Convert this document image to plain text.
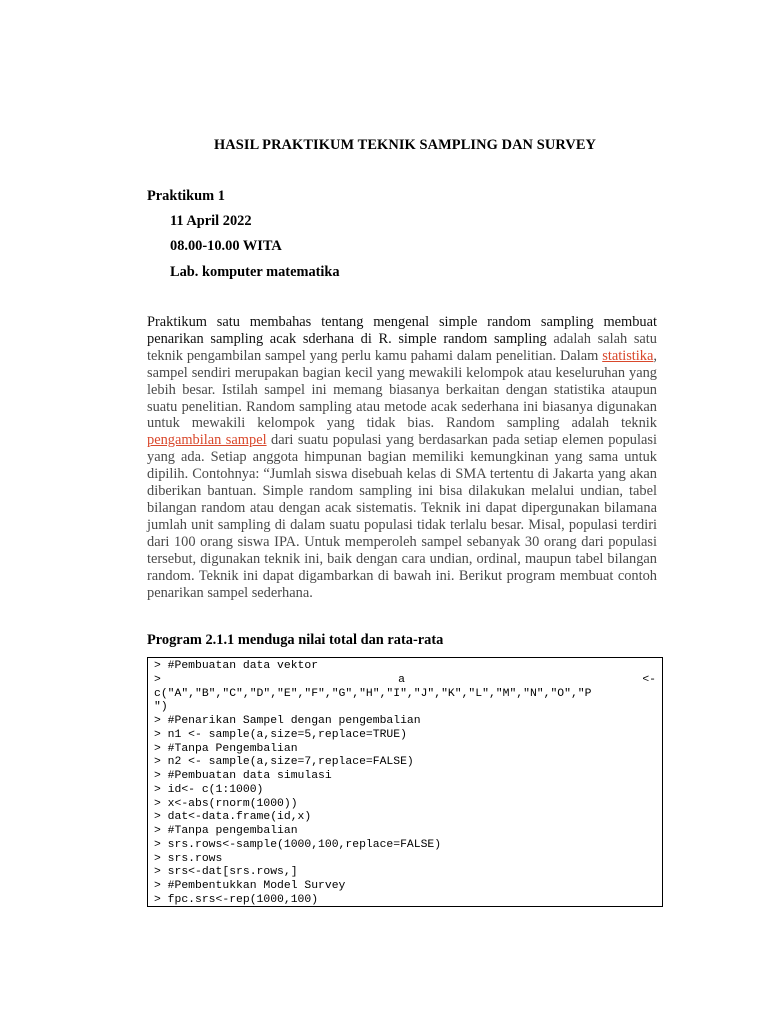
HASIL PRAKTIKUM TEKNIK SAMPLING DAN SURVEY
Praktikum 1
11 April 2022
08.00-10.00 WITA
Lab. komputer matematika
Praktikum satu membahas tentang mengenal simple random sampling membuat penarikan sampling acak sderhana di R. simple random sampling adalah salah satu teknik pengambilan sampel yang perlu kamu pahami dalam penelitian. Dalam statistika, sampel sendiri merupakan bagian kecil yang mewakili kelompok atau keseluruhan yang lebih besar. Istilah sampel ini memang biasanya berkaitan dengan statistika ataupun suatu penelitian. Random sampling atau metode acak sederhana ini biasanya digunakan untuk mewakili kelompok yang tidak bias. Random sampling adalah teknik pengambilan sampel dari suatu populasi yang berdasarkan pada setiap elemen populasi yang ada. Setiap anggota himpunan bagian memiliki kemungkinan yang sama untuk dipilih. Contohnya: “Jumlah siswa disebuah kelas di SMA tertentu di Jakarta yang akan diberikan bantuan. Simple random sampling ini bisa dilakukan melalui undian, tabel bilangan random atau dengan acak sistematis. Teknik ini dapat dipergunakan bilamana jumlah unit sampling di dalam suatu populasi tidak terlalu besar. Misal, populasi terdiri dari 100 orang siswa IPA. Untuk memperoleh sampel sebanyak 30 orang dari populasi tersebut, digunakan teknik ini, baik dengan cara undian, ordinal, maupun tabel bilangan random. Teknik ini dapat digambarkan di bawah ini. Berikut program membuat contoh penarikan sampel sederhana.
Program 2.1.1 menduga nilai total dan rata-rata
> #Pembuatan data vektor
>	a	<-
c("A","B","C","D","E","F","G","H","I","J","K","L","M","N","O","P
")
> #Penarikan Sampel dengan pengembalian
> n1 <- sample(a,size=5,replace=TRUE)
> #Tanpa Pengembalian
> n2 <- sample(a,size=7,replace=FALSE)
> #Pembuatan data simulasi
> id<- c(1:1000)
> x<-abs(rnorm(1000))
> dat<-data.frame(id,x)
> #Tanpa pengembalian
> srs.rows<-sample(1000,100,replace=FALSE)
> srs.rows
> srs<-dat[srs.rows,]
> #Pembentukkan Model Survey
> fpc.srs<-rep(1000,100)
